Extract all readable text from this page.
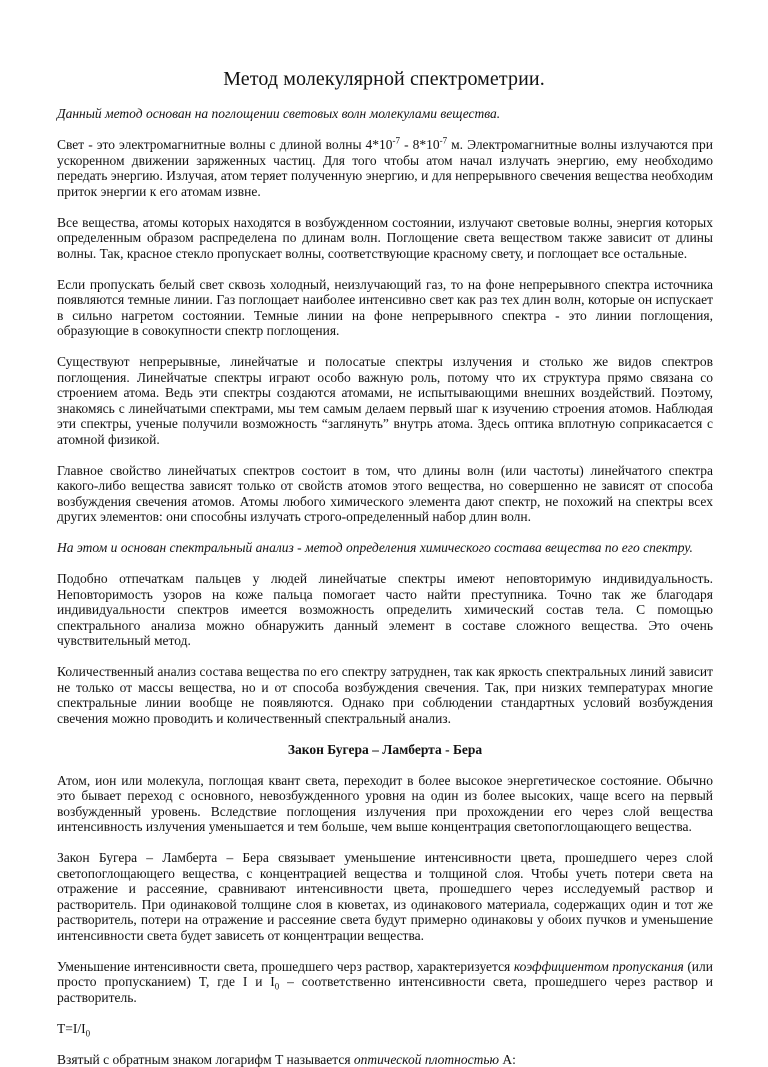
Метод молекулярной спектрометрии.

Данный метод основан на поглощении световых волн молекулами вещества.

Свет - это электромагнитные волны с длиной волны $4*10^{-7} - 8*10^{-7}$ м. Электромагнитные волны излучаются при ускоренном движении заряженных частиц. Для того чтобы атом начал излучать энергию, ему необходимо передать энергию. Излучая, атом теряет полученную энергию, и для непрерывного свечения вещества необходим приток энергии к его атомам извне.

Все вещества, атомы которых находятся в возбужденном состоянии, излучают световые волны, энергия которых определенным образом распределена по длинам волн. Поглощение света веществом также зависит от длины волны. Так, красное стекло пропускает волны, соответствующие красному свету, и поглощает все остальные.

Если пропускать белый свет сквозь холодный, неизлучающий газ, то на фоне непрерывного спектра источника появляются темные линии. Газ поглощает наиболее интенсивно свет как раз тех длин волн, которые он испускает в сильно нагретом состоянии. Темные линии на фоне непрерывного спектра - это линии поглощения, образующие в совокупности спектр поглощения.

Существуют непрерывные, линейчатые и полосатые спектры излучения и столько же видов спектров поглощения. Линейчатые спектры играют особо важную роль, потому что их структура прямо связана со строением атома. Ведь эти спектры создаются атомами, не испытывающими внешних воздействий. Поэтому, знакомясь с линейчатыми спектрами, мы тем самым делаем первый шаг к изучению строения атомов. Наблюдая эти спектры, ученые получили возможность “заглянуть” внутрь атома. Здесь оптика вплотную соприкасается с атомной физикой.

Главное свойство линейчатых спектров состоит в том, что длины волн (или частоты) линейчатого спектра какого-либо вещества зависят только от свойств атомов этого вещества, но совершенно не зависят от способа возбуждения свечения атомов. Атомы любого химического элемента дают спектр, не похожий на спектры всех других элементов: они способны излучать строго-определенный набор длин волн.

На этом и основан спектральный анализ - метод определения химического состава вещества по его спектру.

Подобно отпечаткам пальцев у людей линейчатые спектры имеют неповторимую индивидуальность. Неповторимость узоров на коже пальца помогает часто найти преступника. Точно так же благодаря индивидуальности спектров имеется возможность определить химический состав тела. С помощью спектрального анализа можно обнаружить данный элемент в составе сложного вещества. Это очень чувствительный метод.

Количественный анализ состава вещества по его спектру затруднен, так как яркость спектральных линий зависит не только от массы вещества, но и от способа возбуждения свечения. Так, при низких температурах многие спектральные линии вообще не появляются. Однако при соблюдении стандартных условий возбуждения свечения можно проводить и количественный спектральный анализ.

Закон Бугера – Ламберта - Бера

Атом, ион или молекула, поглощая квант света, переходит в более высокое энергетическое состояние. Обычно это бывает переход с основного, невозбужденного уровня на один из более высоких, чаще всего на первый возбужденный уровень. Вследствие поглощения излучения при прохождении его через слой вещества интенсивность излучения уменьшается и тем больше, чем выше концентрация светопоглощающего вещества.

Закон Бугера – Ламберта – Бера связывает уменьшение интенсивности цвета, прошедшего через слой светопоглощающего вещества, с концентрацией вещества и толщиной слоя. Чтобы учеть потери света на отражение и рассеяние, сравнивают интенсивности цвета, прошедшего через исследуемый раствор и растворитель. При одинаковой толщине слоя в кюветах, из одинакового материала, содержащих один и тот же растворитель, потери на отражение и рассеяние света будут примерно одинаковы у обоих пучков и уменьшение интенсивности света будет зависеть от концентрации вещества.

Уменьшение интенсивности света, прошедшего черз раствор, характеризуется коэффициентом пропускания (или просто пропусканием) T, где I и $I_0$ – соответственно интенсивности света, прошедшего через раствор и растворитель.

$T=I/I_0$

Взятый с обратным знаком логарифм T называется оптической плотностью A:
